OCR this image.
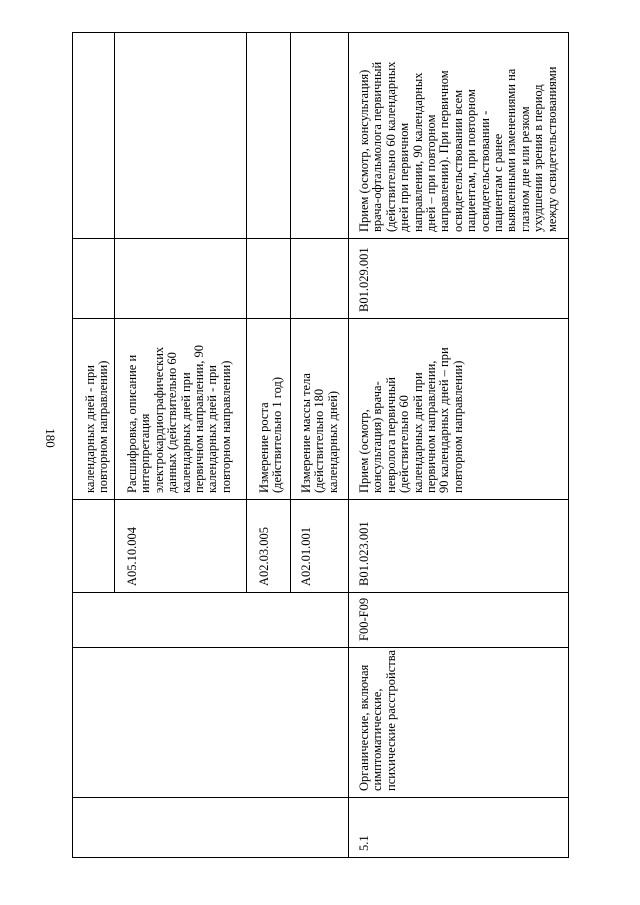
180 календарных дней - при
повторном направлении)
A05.10.004
Расшифровка, описание и
интерпретация
электрокардиографических
данных (действительно 60
календарных дней при
первичном направлении, 90
календарных дней - при
повторном направлении)
A02.03.005
Измерение роста
(действительно 1 год)
A02.01.001
Измерение массы тела
(действительно 180
календарных дней)
5.1
Органические, включая
симптоматические,
психические расстройства
F00-F09
B01.023.001
Прием (осмотр,
консультация) врача-
невролога первичный
(действительно 60
календарных дней при
первичном направлении,
90 календарных дней – при
повторном направлении)
B01.029.001
Прием (осмотр, консультация)
врача-офтальмолога первичный
(действительно 60 календарных
дней при первичном
направлении, 90 календарных
дней – при повторном
направлении). При первичном
освидетельствовании всем
пациентам, при повторном
освидетельствовании -
пациентам с ранее
выявленными изменениями на
глазном дне или резком
ухудшении зрения в период
между освидетельствованиями
